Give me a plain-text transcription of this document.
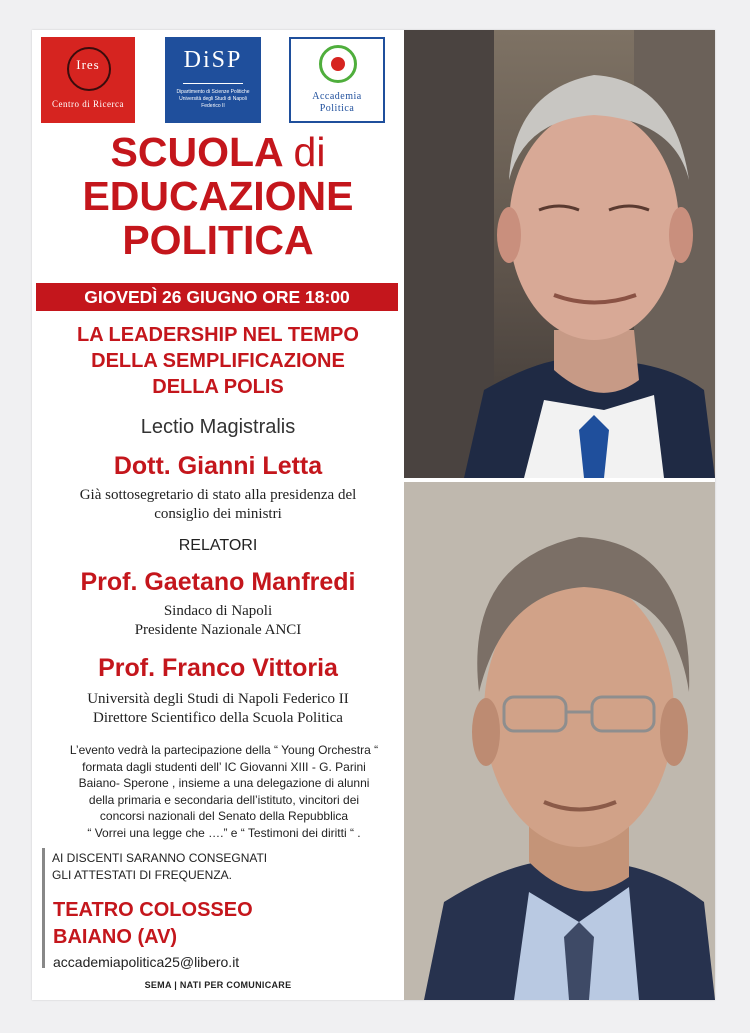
Ires
Centro di Ricerca
DiSP
Dipartimento di Scienze Politiche Università degli Studi di Napoli Federico II
Accademia
Politica
SCUOLA di
EDUCAZIONE
POLITICA
GIOVEDÌ 26 GIUGNO ORE 18:00
LA LEADERSHIP NEL TEMPO
DELLA SEMPLIFICAZIONE
DELLA POLIS
Lectio Magistralis
Dott. Gianni Letta
Già sottosegretario di stato alla presidenza del
consiglio dei ministri
RELATORI
Prof. Gaetano Manfredi
Sindaco di Napoli
Presidente Nazionale ANCI
Prof. Franco Vittoria
Università degli Studi di Napoli Federico II
Direttore Scientifico della Scuola Politica
L’evento vedrà la partecipazione della “ Young Orchestra “
formata dagli studenti dell’ IC Giovanni XIII - G. Parini
Baiano- Sperone , insieme a una delegazione di alunni
della primaria e secondaria dell’istituto, vincitori dei
concorsi nazionali del Senato della Repubblica
“ Vorrei una legge che ….” e “ Testimoni dei diritti “ .
AI DISCENTI SARANNO CONSEGNATI
GLI ATTESTATI DI FREQUENZA.
TEATRO COLOSSEO
BAIANO (AV)
accademiapolitica25@libero.it
SEMA | NATI PER COMUNICARE
